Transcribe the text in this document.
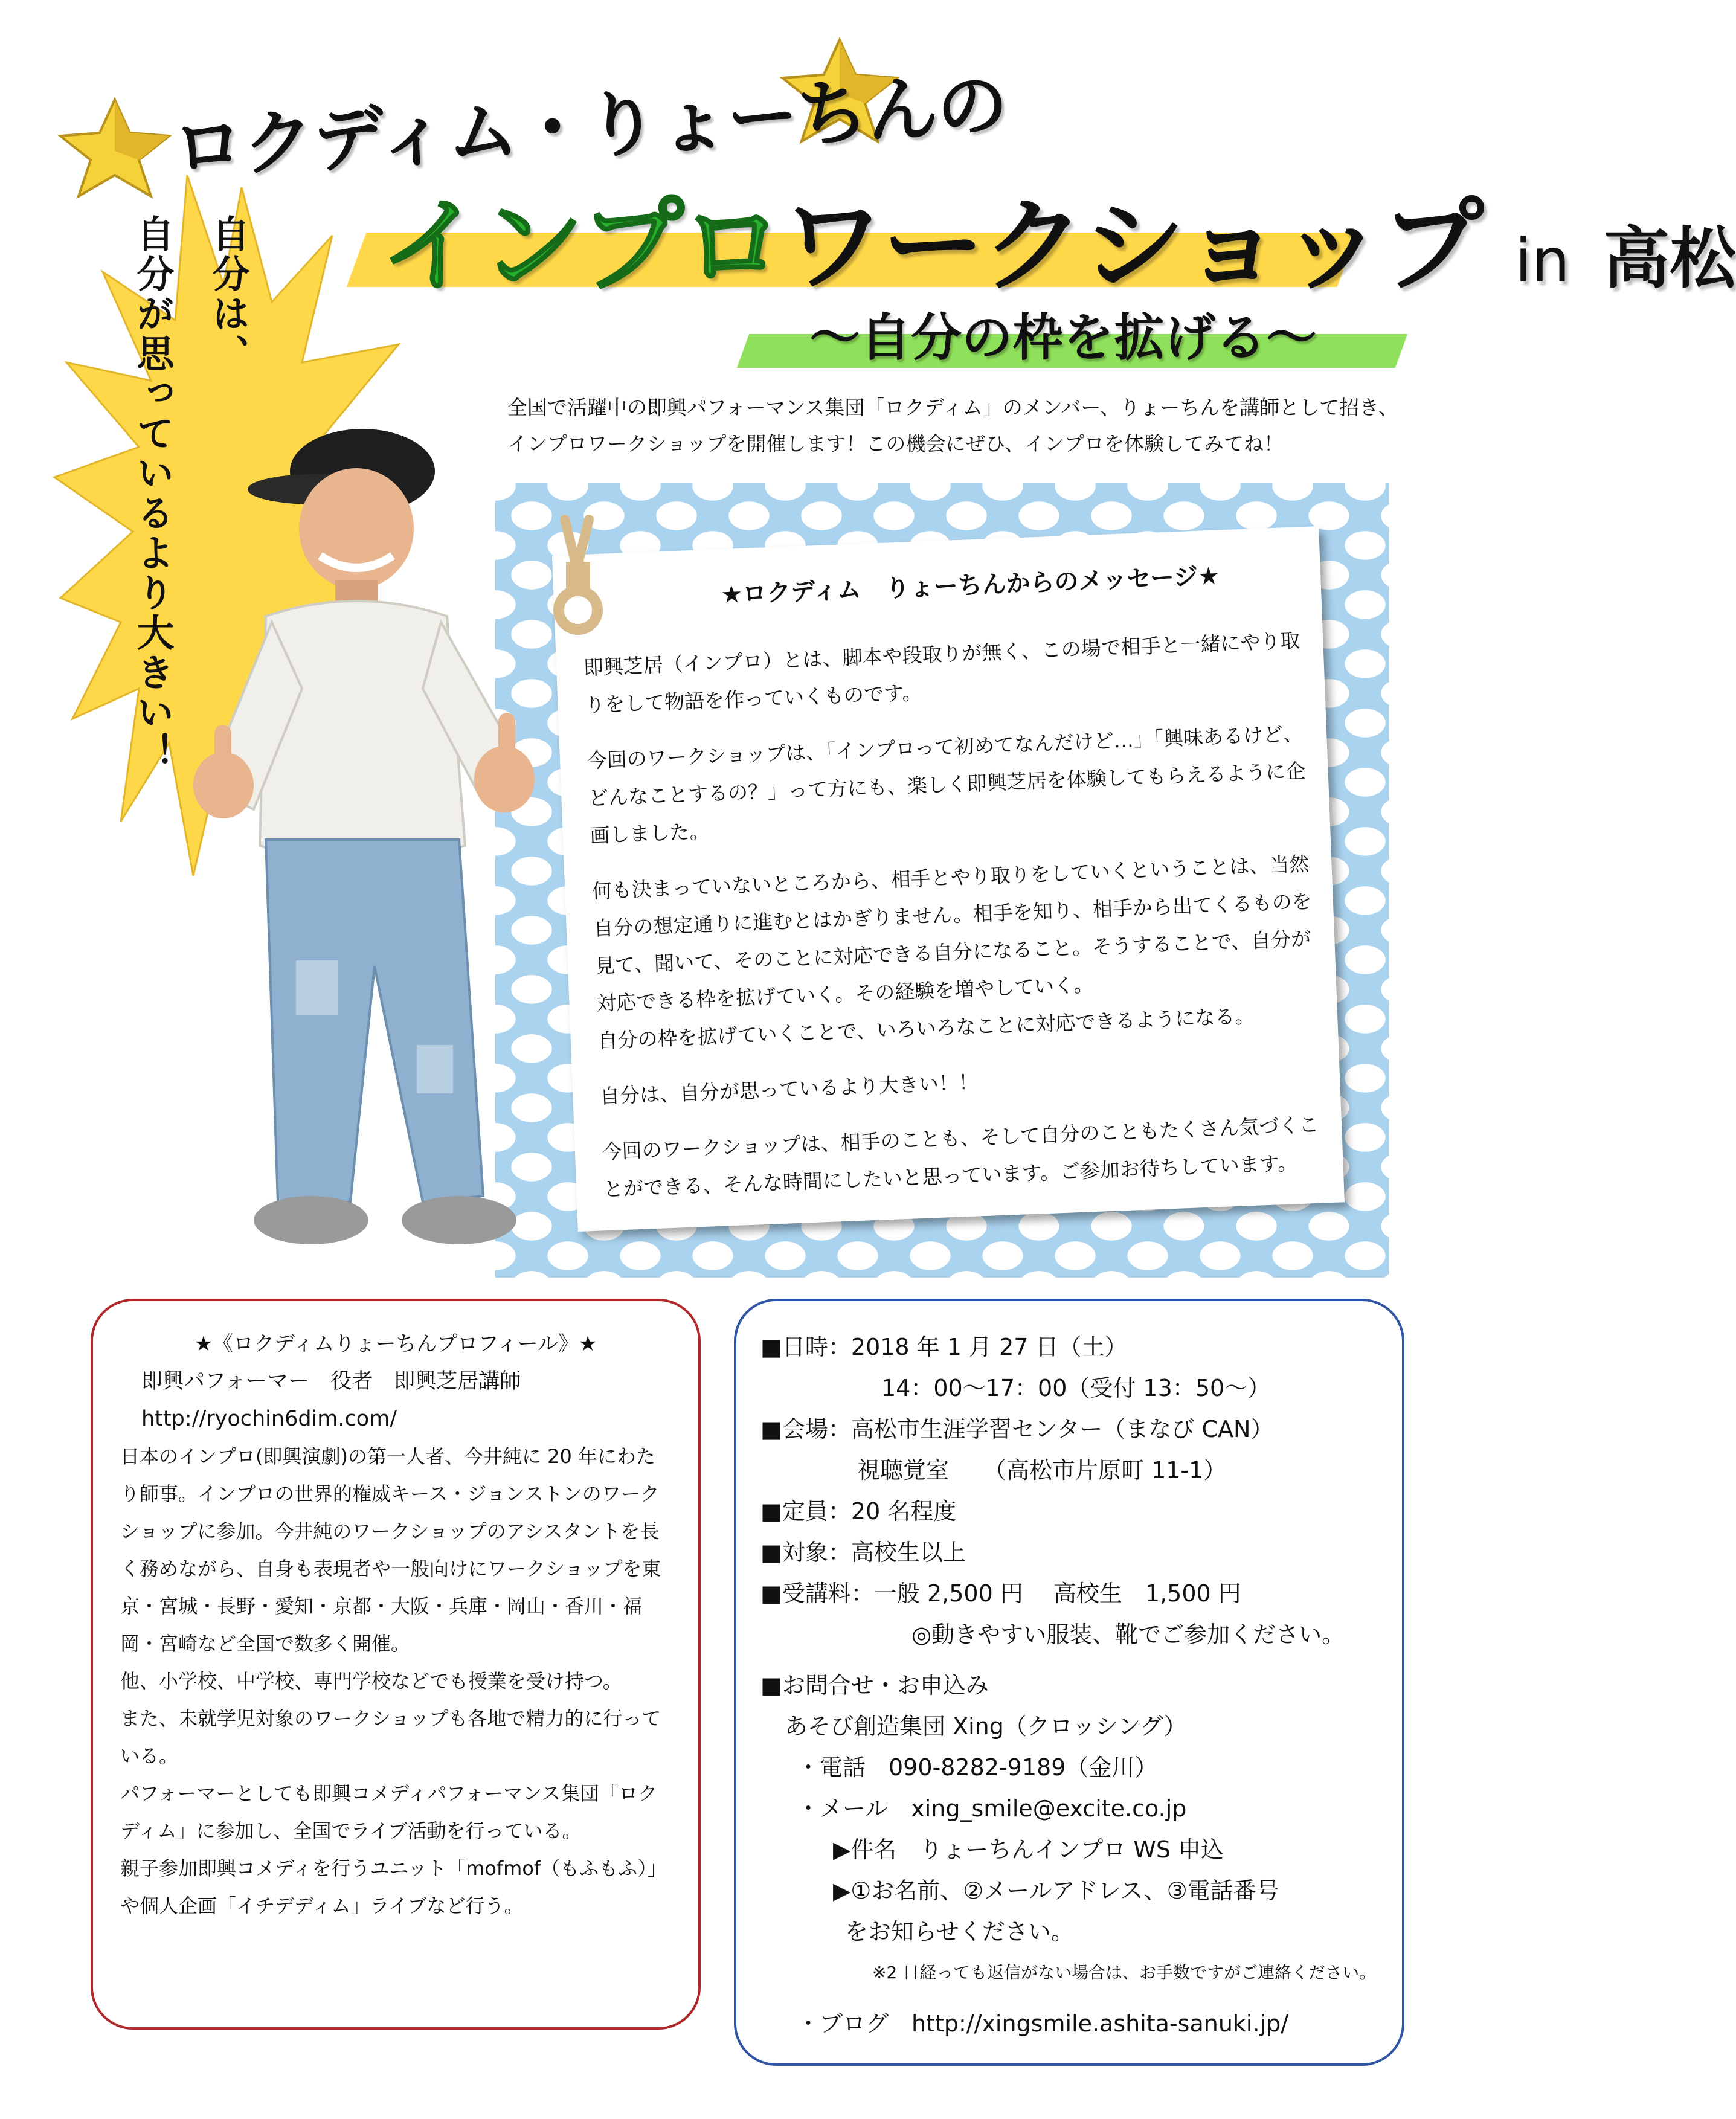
ロクディム・りょーちんの
インプロワークショップ in 高松
～自分の枠を拡げる～
自分は、
自分が思っているより大きい！	全国で活躍中の即興パフォーマンス集団「ロクディム」のメンバー、りょーちんを講師として招き、
インプロワークショップを開催します！この機会にぜひ、インプロを体験してみてね！
★ロクディム　りょーちんからのメッセージ★

即興芝居（インプロ）とは、脚本や段取りが無く、この場で相手と一緒にやり取りをして物語を作っていくものです。

今回のワークショップは、「インプロって初めてなんだけど…」「興味あるけど、どんなことするの？」って方にも、楽しく即興芝居を体験してもらえるように企画しました。

何も決まっていないところから、相手とやり取りをしていくということは、当然自分の想定通りに進むとはかぎりません。相手を知り、相手から出てくるものを見て、聞いて、そのことに対応できる自分になること。そうすることで、自分が対応できる枠を拡げていく。その経験を増やしていく。

自分の枠を拡げていくことで、いろいろなことに対応できるようになる。

自分は、自分が思っているより大きい！！

今回のワークショップは、相手のことも、そして自分のこともたくさん気づくことができる、そんな時間にしたいと思っています。ご参加お待ちしています。

★《ロクディムりょーちんプロフィール》★
即興パフォーマー　役者　即興芝居講師
http://ryochin6dim.com/

日本のインプロ(即興演劇)の第一人者、今井純に 20 年にわたり師事。インプロの世界的権威キース・ジョンストンのワークショップに参加。今井純のワークショップのアシスタントを長く務めながら、自身も表現者や一般向けにワークショップを東京・宮城・長野・愛知・京都・大阪・兵庫・岡山・香川・福岡・宮崎など全国で数多く開催。

他、小学校、中学校、専門学校などでも授業を受け持つ。

また、未就学児対象のワークショップも各地で精力的に行っている。

パフォーマーとしても即興コメディパフォーマンス集団「ロクディム」に参加し、全国でライブ活動を行っている。

親子参加即興コメディを行うユニット「mofmof（もふもふ）」や個人企画「イチデディム」ライブなど行う。

■日時：2018 年 1 月 27 日（土）
14：00～17：00（受付 13：50～）
■会場：高松市生涯学習センター（まなび CAN）
視聴覚室　　（高松市片原町 11-1）
■定員：20 名程度
■対象：高校生以上
■受講料：一般 2,500 円　 高校生　1,500 円
◎動きやすい服装、靴でご参加ください。
■お問合せ・お申込み
あそび創造集団 Xing（クロッシング）
・電話　090-8282-9189（金川）
・メール　xing_smile@excite.co.jp
▶件名　りょーちんインプロ WS 申込
▶①お名前、②メールアドレス、③電話番号
をお知らせください。
※2 日経っても返信がない場合は、お手数ですがご連絡ください。
・ブログ　http://xingsmile.ashita-sanuki.jp/
